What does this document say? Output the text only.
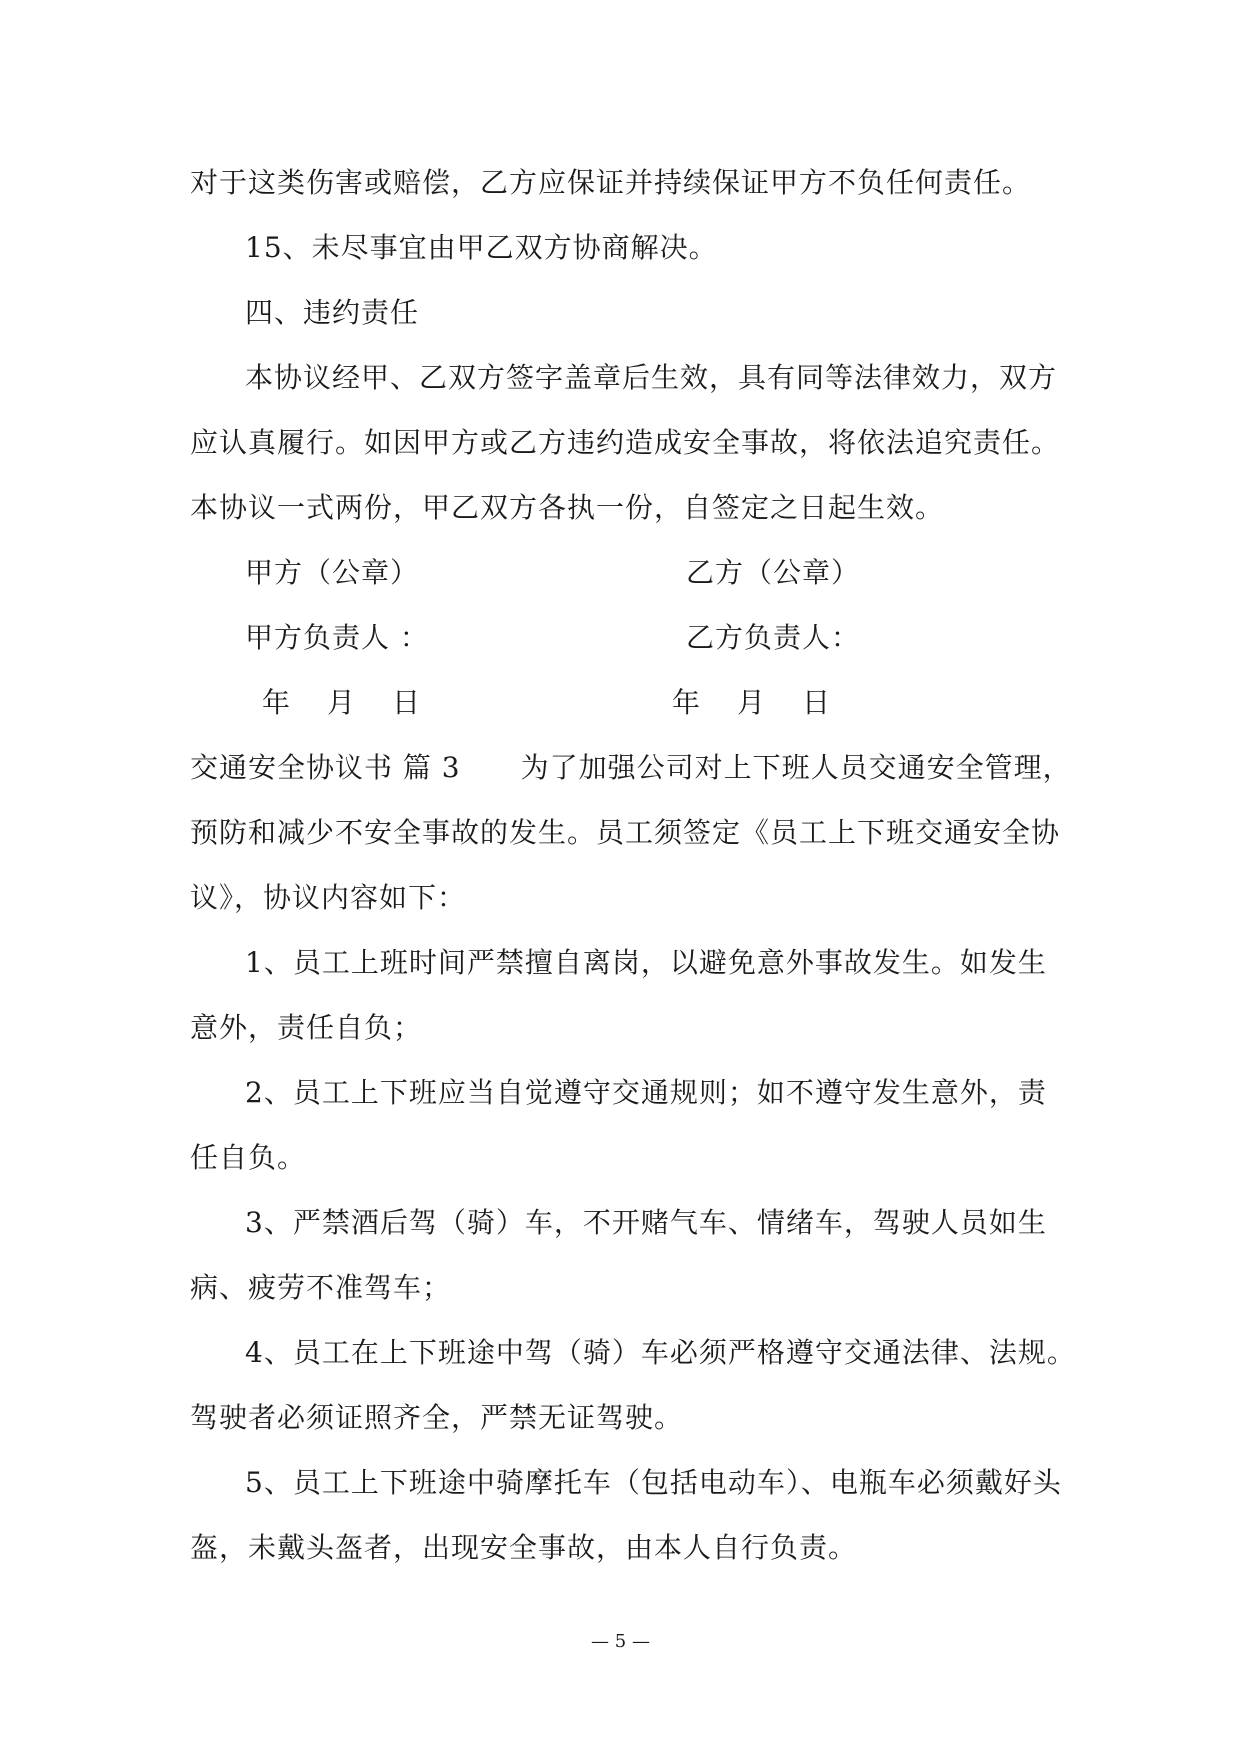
对于这类伤害或赔偿，乙方应保证并持续保证甲方不负任何责任。
15、未尽事宜由甲乙双方协商解决。
四、违约责任
本协议经甲、乙双方签字盖章后生效，具有同等法律效力，双方
应认真履行。如因甲方或乙方违约造成安全事故，将依法追究责任。
本协议一式两份，甲乙双方各执一份，自签定之日起生效。
甲方（公章）	乙方（公章）
甲方负责人 ：	乙方负责人：
年 月 日	年 月 日
交通安全协议书 篇 3 为了加强公司对上下班人员交通安全管理，
预防和减少不安全事故的发生。员工须签定《员工上下班交通安全协
议》，协议内容如下：
1、员工上班时间严禁擅自离岗，以避免意外事故发生。如发生
意外，责任自负；
2、员工上下班应当自觉遵守交通规则；如不遵守发生意外，责
任自负。
3、严禁酒后驾（骑）车，不开赌气车、情绪车，驾驶人员如生
病、疲劳不准驾车；
4、员工在上下班途中驾（骑）车必须严格遵守交通法律、法规。
驾驶者必须证照齐全，严禁无证驾驶。
5、员工上下班途中骑摩托车（包括电动车）、电瓶车必须戴好头
盔，未戴头盔者，出现安全事故，由本人自行负责。
— 5 —
